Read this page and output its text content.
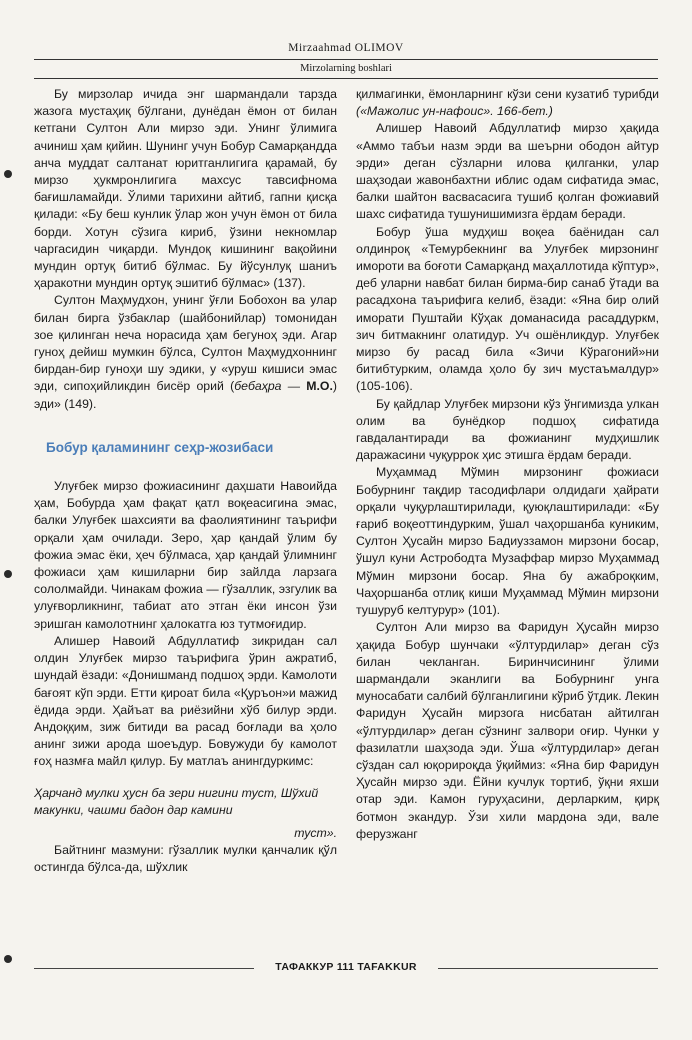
Mirzaahmad OLIMOV
Mirzolarning boshlari

Бу мирзолар ичида энг шармандали тарзда жазога мустаҳиқ бўлгани, дунёдан ёмон от билан кетгани Султон Али мирзо эди. Унинг ўлимига ачиниш ҳам қийин. Шунинг учун Бобур Самарқандда анча муддат салтанат юритганлигига қарамай, бу мирзо ҳукмронлигига махсус тавсифнома бағишламайди. Ўлими тарихини айтиб, гапни қисқа қилади: «Бу беш кунлик ўлар жон учун ёмон от била борди. Хотун сўзига кириб, ўзини некномлар чаргасидин чиқарди. Мундоқ кишининг вақойини мундин ортуқ битиб бўлмас. Бу йўсунлуқ шаниъ ҳаракотни мундин ортуқ эшитиб бўлмас» (137).

Султон Маҳмудхон, унинг ўғли Бобохон ва улар билан бирга ўзбаклар (шайбонийлар) томонидан зое қилинган неча норасида ҳам бегуноҳ эди. Агар гуноҳ дейиш мумкин бўлса, Султон Маҳмудхоннинг бирдан-бир гуноҳи шу эдики, у «уруш кишиси эмас эди, сипоҳийликдин бисёр орий (бебаҳра — М.О.) эди» (149).

Бобур қаламининг сеҳр-жозибаси

Улуғбек мирзо фожиасининг даҳшати Навоийда ҳам, Бобурда ҳам фақат қатл воқеасигина эмас, балки Улуғбек шахсияти ва фаолиятининг таърифи орқали ҳам очилади. Зеро, ҳар қандай ўлим бу фожиа эмас ёки, ҳеч бўлмаса, ҳар қандай ўлимнинг фожиаси ҳам кишиларни бир зайлда ларзага сололмайди. Чинакам фожиа — гўзаллик, эзгулик ва улуғворликнинг, табиат ато этган ёки инсон ўзи эришган камолотнинг ҳалокатга юз тутмоғидир.

Алишер Навоий Абдуллатиф зикридан сал олдин Улуғбек мирзо таърифига ўрин ажратиб, шундай ёзади: «Донишманд подшоҳ эрди. Камолоти бағоят кўп эрди. Етти қироат била «Қуръон»и мажид ёдида эрди. Ҳайъат ва риёзийни хўб билур эрди. Андоққим, зиж битиди ва расад боғлади ва ҳоло анинг зижи арода шоеъдур. Бовужуди бу камолот ғоҳ назмға майл қилур. Бу матлаъ анингдуркимс:

Ҳарчанд мулки ҳусн ба зери нигини туст, Шўхий макунки, чашми бадон дар камини

туст».

Байтнинг мазмуни: гўзаллик мулки қанчалик қўл остингда бўлса-да, шўхлик

қилмагинки, ёмонларнинг кўзи сени кузатиб турибди («Мажолис ун-нафоис». 166-бет.)

Алишер Навоий Абдуллатиф мирзо ҳақида «Аммо табъи назм эрди ва шеърни ободон айтур эрди» деган сўзларни илова қилганки, улар шаҳзодаи жавонбахтни иблис одам сифатида эмас, балки шайтон васвасасига тушиб қолган фожиавий шахс сифатида тушунишимизга ёрдам беради.

Бобур ўша мудҳиш воқеа баёнидан сал олдинроқ «Темурбекнинг ва Улуғбек мирзонинг имороти ва боғоти Самарқанд маҳаллотида кўптур», деб уларни навбат билан бирма-бир санаб ўтади ва расадхона таърифига келиб, ёзади: «Яна бир олий иморати Пуштайи Кўҳак доманасида расаддуркм, зич битмакнинг олатидур. Уч ошёнликдур. Улуғбек мирзо бу расад била «Зичи Кўрагоний»ни битибтурким, оламда ҳоло бу зич мустаъмалдур» (105-106).

Бу қайдлар Улуғбек мирзони кўз ўнгимизда улкан олим ва бунёдкор подшоҳ сифатида гавдалантиради ва фожианинг мудҳишлик даражасини чуқуррок ҳис этишга ёрдам беради.

Муҳаммад Мўмин мирзонинг фожиаси Бобурнинг тақдир тасодифлари олдидаги ҳайрати орқали чуқурлаштирилади, қуюқлаштирилади: «Бу ғариб воқеоттиндурким, ўшал чаҳоршанба куниким, Султон Ҳусайн мирзо Бадиуззамон мирзони босар, ўшул куни Астрободта Музаффар мирзо Муҳаммад Мўмин мирзони босар. Яна бу ажаброқким, Чаҳоршанба отлиқ киши Муҳаммад Мўмин мирзони тушуруб келтурур» (101).

Султон Али мирзо ва Фаридун Ҳусайн мирзо ҳақида Бобур шунчаки «ўлтурдилар» деган сўз билан чекланган. Биринчисининг ўлими шармандали эканлиги ва Бобурнинг унга муносабати салбий бўлганлигини кўриб ўтдик. Лекин Фаридун Ҳусайн мирзога нисбатан айтилган «ўлтурдилар» деган сўзнинг залвори оғир. Чунки у фазилатли шаҳзода эди. Ўша «ўлтурдилар» деган сўздан сал юқорироқда ўқиймиз: «Яна бир Фаридун Ҳусайн мирзо эди. Ёйни кучлук тортиб, ўқни яхши отар эди. Камон гуруҳасини, дерларким, қирқ ботмон экандур. Ўзи хили мардона эди, вале ферузжанг

ТАФАККУР 111 TAFAKKUR
